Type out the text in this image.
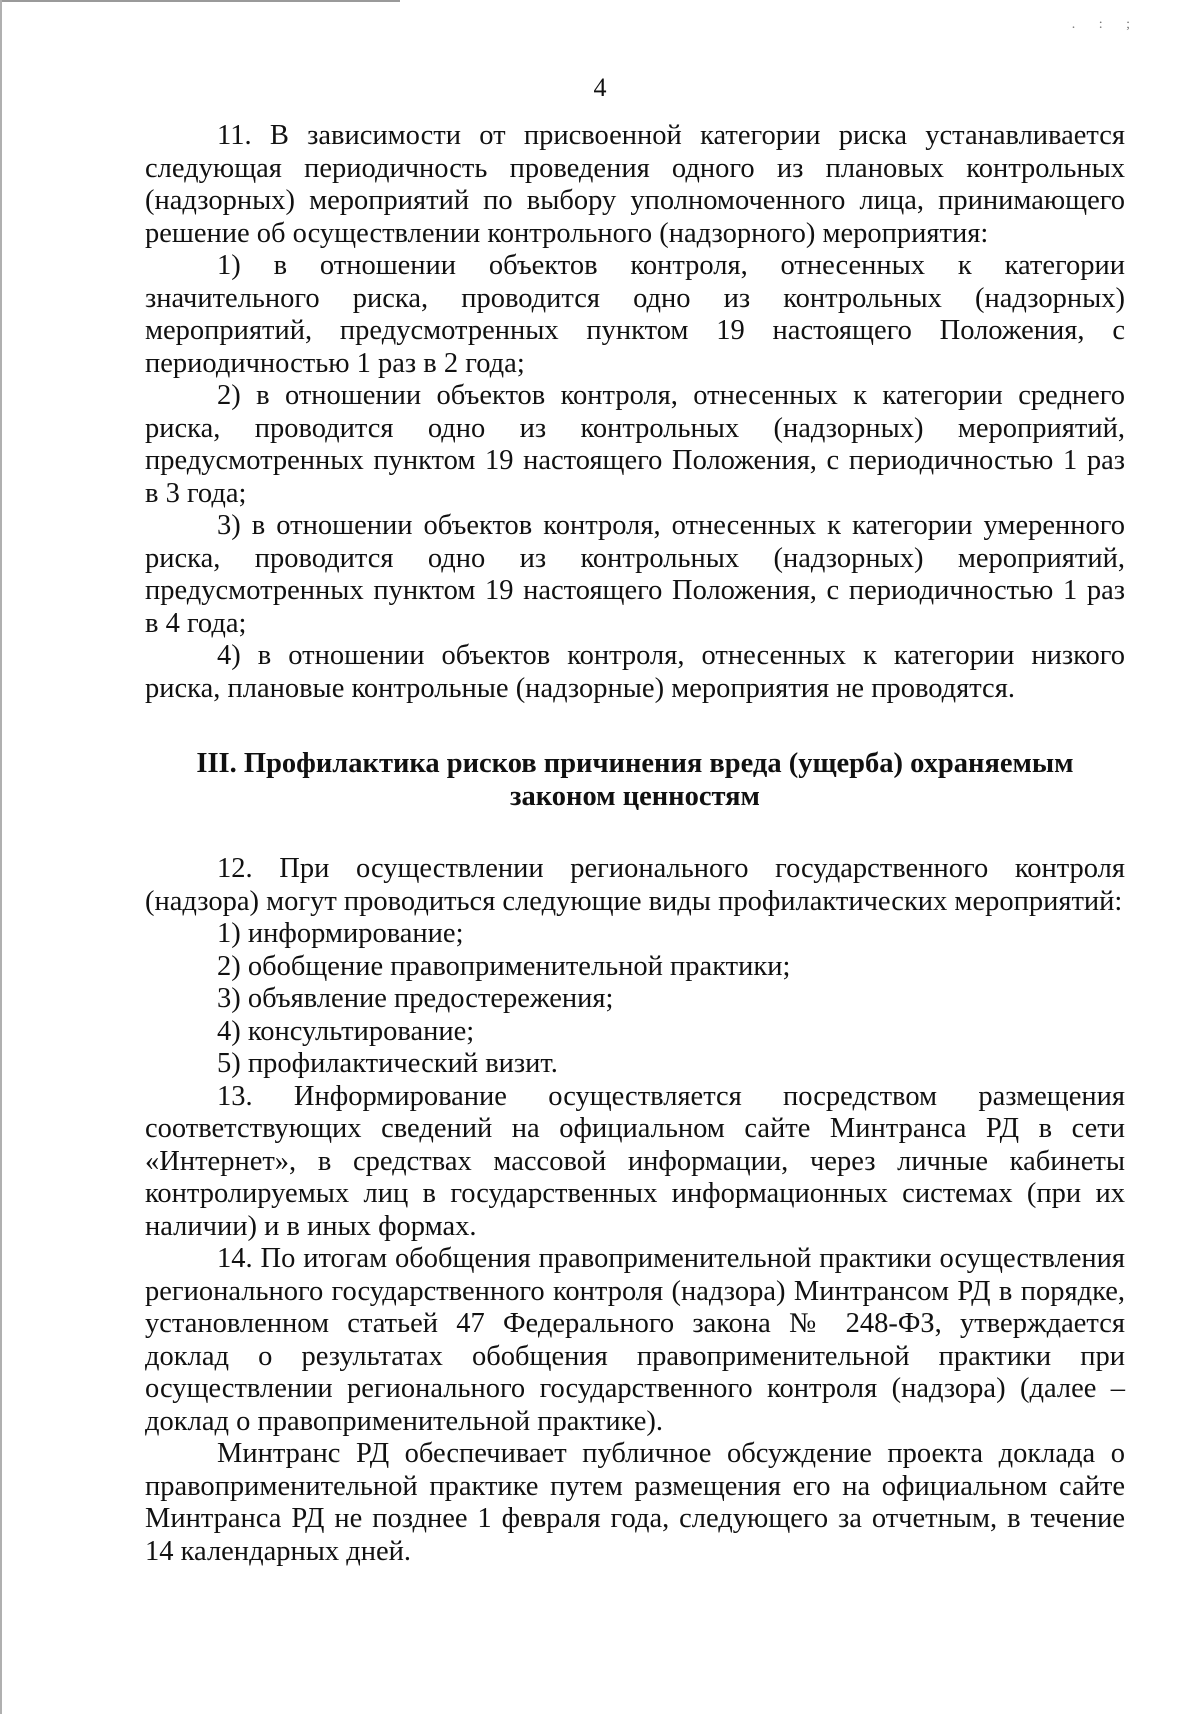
. : ;
4

11. В зависимости от присвоенной категории риска устанавливается следующая периодичность проведения одного из плановых контрольных (надзорных) мероприятий по выбору уполномоченного лица, принимающего решение об осуществлении контрольного (надзорного) мероприятия:

1) в отношении объектов контроля, отнесенных к категории значительного риска, проводится одно из контрольных (надзорных) мероприятий, предусмотренных пунктом 19 настоящего Положения, с периодичностью 1 раз в 2 года;

2) в отношении объектов контроля, отнесенных к категории среднего риска, проводится одно из контрольных (надзорных) мероприятий, предусмотренных пунктом 19 настоящего Положения, с периодичностью 1 раз в 3 года;

3) в отношении объектов контроля, отнесенных к категории умеренного риска, проводится одно из контрольных (надзорных) мероприятий, предусмотренных пунктом 19 настоящего Положения, с периодичностью 1 раз в 4 года;

4) в отношении объектов контроля, отнесенных к категории низкого риска, плановые контрольные (надзорные) мероприятия не проводятся.

III. Профилактика рисков причинения вреда (ущерба) охраняемым
законом ценностям

12. При осуществлении регионального государственного контроля (надзора) могут проводиться следующие виды профилактических мероприятий:

1) информирование;

2) обобщение правоприменительной практики;

3) объявление предостережения;

4) консультирование;

5) профилактический визит.

13. Информирование осуществляется посредством размещения соответствующих сведений на официальном сайте Минтранса РД в сети «Интернет», в средствах массовой информации, через личные кабинеты контролируемых лиц в государственных информационных системах (при их наличии) и в иных формах.

14. По итогам обобщения правоприменительной практики осуществления регионального государственного контроля (надзора) Минтрансом РД в порядке, установленном статьей 47 Федерального закона № 248-ФЗ, утверждается доклад о результатах обобщения правоприменительной практики при осуществлении регионального государственного контроля (надзора) (далее – доклад о правоприменительной практике).

Минтранс РД обеспечивает публичное обсуждение проекта доклада о правоприменительной практике путем размещения его на официальном сайте Минтранса РД не позднее 1 февраля года, следующего за отчетным, в течение 14 календарных дней.
